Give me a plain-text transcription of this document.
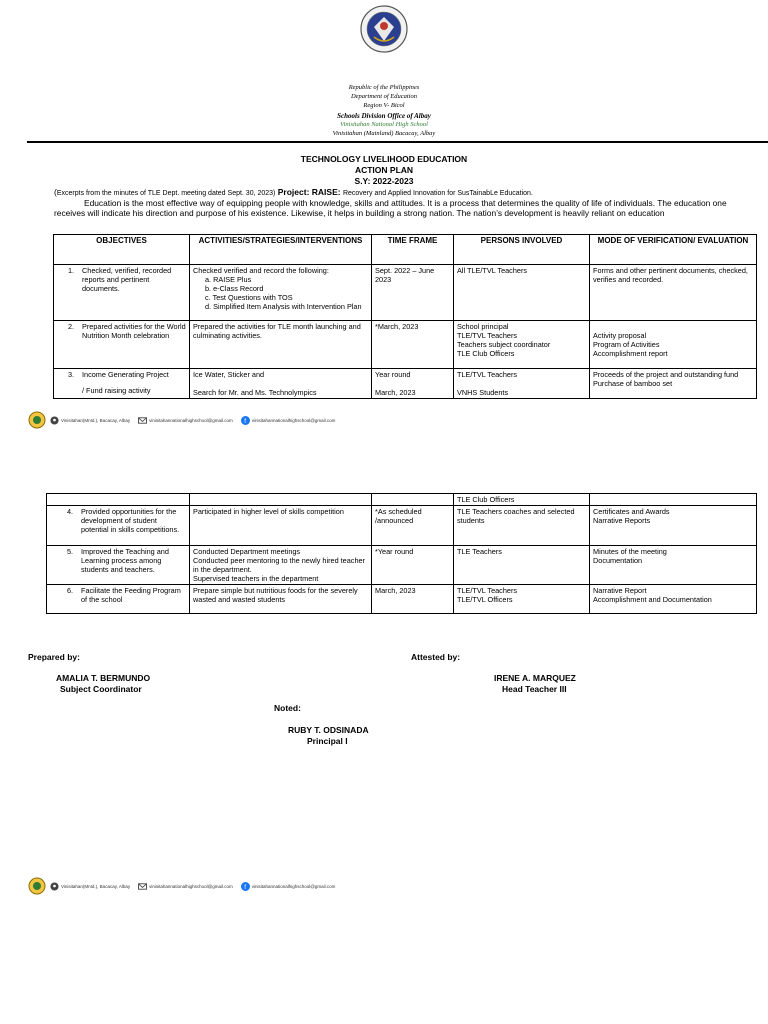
Republic of the Philippines
Department of Education
Region V- Bicol
Schools Division Office of Albay
Vinisitahan National High School
Vinisitahan (Mainland) Bacacay, Albay
TECHNOLOGY LIVELIHOOD EDUCATION
ACTION PLAN
S.Y: 2022-2023
(Excerpts from the minutes of TLE Dept. meeting dated Sept. 30, 2023) Project: RAISE: Recovery and Applied Innovation for SusTainabLe Education.
Education is the most effective way of equipping people with knowledge, skills and attitudes. It is a process that determines the quality of life of individuals. The education one receives will indicate his direction and purpose of his existence. Likewise, it helps in building a strong nation. The nation’s development is heavily reliant on education
OBJECTIVES	ACTIVITIES/STRATEGIES/INTERVENTIONS	TIME FRAME	PERSONS INVOLVED	MODE OF VERIFICATION/ EVALUATION

1. Checked, verified, recorded reports and pertinent documents.	Checked verified and record the following:
a. RAISE Plus
b. e-Class Record
c. Test Questions with TOS
d. Simplified Item Analysis with Intervention Plan	Sept. 2022 – June 2023	All TLE/TVL Teachers	Forms and other pertinent documents, checked, verifies and recorded.

2. Prepared activities for the World Nutrition Month celebration	Prepared the activities for TLE month launching and culminating activities.	*March, 2023	School principal
TLE/TVL Teachers
Teachers subject coordinator
TLE Club Officers	Activity proposal
Program of Activities
Accomplishment report

3. Income Generating Project
/ Fund raising activity	Ice Water, Sticker and
Search for Mr. and Ms. Technolympics	Year round
March, 2023	TLE/TVL Teachers
VNHS Students	Proceeds of the project and outstanding fund
Purchase of bamboo set
Vinisitahan(MnId.), Bacacay, Albay	vinisitahannationalhighschool@gmail.com f vinisitahannationalhighschool@gmail.com
			TLE Club Officers	

4. Provided opportunities for the development of student potential in skills competitions.	Participated in higher level of skills competition	*As scheduled /announced	TLE Teachers coaches and selected students	Certificates and Awards
Narrative Reports

5. Improved the Teaching and Learning process among students and teachers.	Conducted Department meetings
Conducted peer mentoring to the newly hired teacher in the department.
Supervised teachers in the department	*Year round	TLE Teachers	Minutes of the meeting
Documentation

6. Facilitate the Feeding Program of the school	Prepare simple but nutritious foods for the severely wasted and wasted students	March, 2023	TLE/TVL Teachers
TLE/TVL Officers	Narrative Report
Accomplishment and Documentation
Prepared by:
AMALIA T. BERMUNDO
Subject Coordinator
Attested by:
IRENE A. MARQUEZ
Head Teacher III
Noted:
RUBY T. ODSINADA
Principal I
Vinisitahan(MnId.), Bacacay, Albay	vinisitahannationalhighschool@gmail.com f vinisitahannationalhighschool@gmail.com
